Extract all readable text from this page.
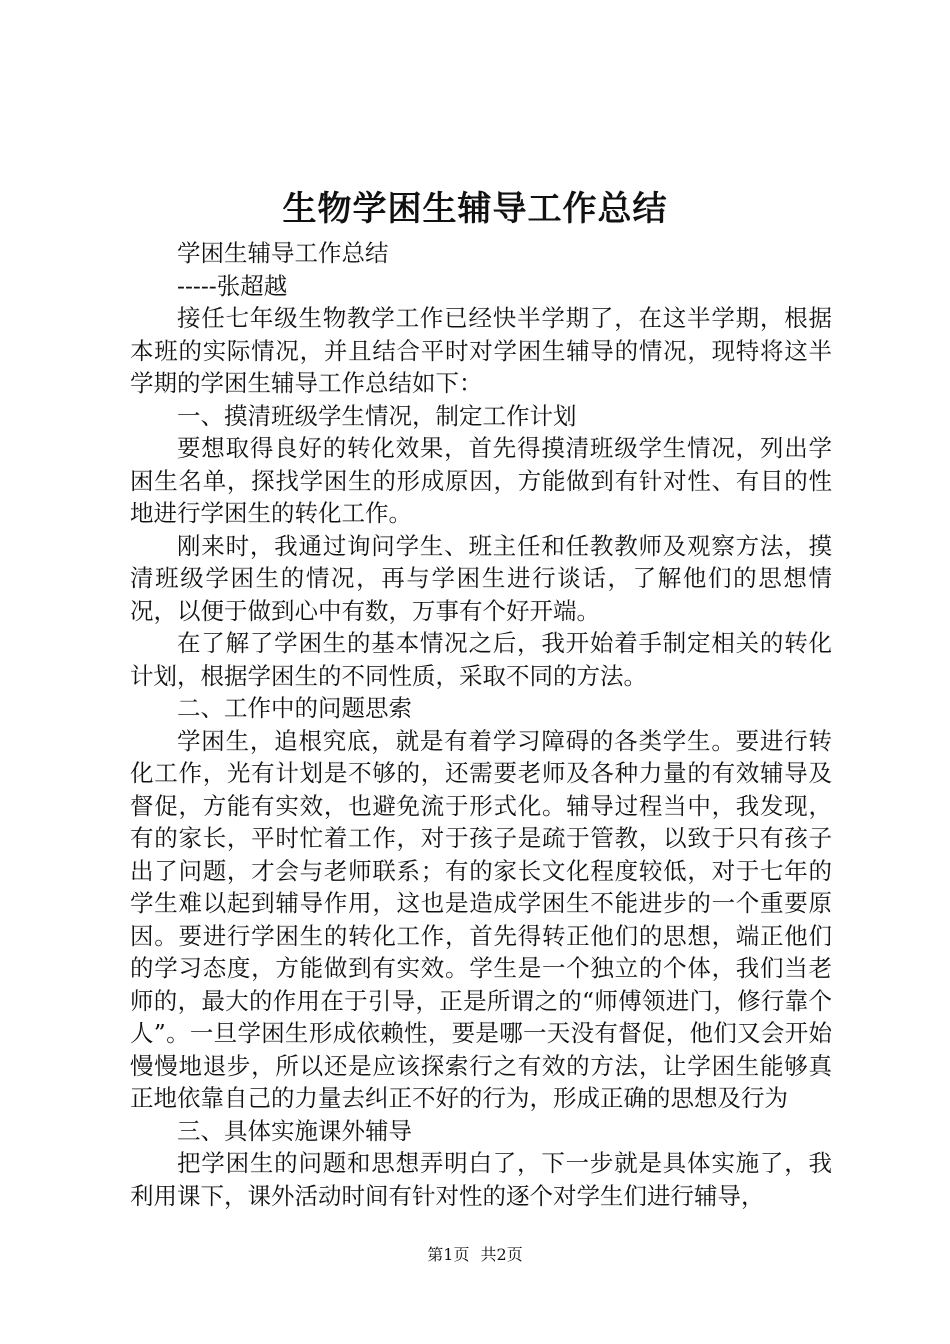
生物学困生辅导工作总结

学困生辅导工作总结

-----张超越

接任七年级生物教学工作已经快半学期了，在这半学期，根据本班的实际情况，并且结合平时对学困生辅导的情况，现特将这半学期的学困生辅导工作总结如下：

一、摸清班级学生情况，制定工作计划

要想取得良好的转化效果，首先得摸清班级学生情况，列出学困生名单，探找学困生的形成原因，方能做到有针对性、有目的性地进行学困生的转化工作。

刚来时，我通过询问学生、班主任和任教教师及观察方法，摸清班级学困生的情况，再与学困生进行谈话，了解他们的思想情况，以便于做到心中有数，万事有个好开端。

在了解了学困生的基本情况之后，我开始着手制定相关的转化计划，根据学困生的不同性质，采取不同的方法。

二、工作中的问题思索

学困生，追根究底，就是有着学习障碍的各类学生。要进行转化工作，光有计划是不够的，还需要老师及各种力量的有效辅导及督促，方能有实效，也避免流于形式化。辅导过程当中，我发现，有的家长，平时忙着工作，对于孩子是疏于管教，以致于只有孩子出了问题，才会与老师联系；有的家长文化程度较低，对于七年的学生难以起到辅导作用，这也是造成学困生不能进步的一个重要原因。要进行学困生的转化工作，首先得转正他们的思想，端正他们的学习态度，方能做到有实效。学生是一个独立的个体，我们当老师的，最大的作用在于引导，正是所谓之的“师傅领进门，修行靠个人”。一旦学困生形成依赖性，要是哪一天没有督促，他们又会开始慢慢地退步，所以还是应该探索行之有效的方法，让学困生能够真正地依靠自己的力量去纠正不好的行为，形成正确的思想及行为

三、具体实施课外辅导

把学困生的问题和思想弄明白了，下一步就是具体实施了，我利用课下，课外活动时间有针对性的逐个对学生们进行辅导，

第1页 共2页
